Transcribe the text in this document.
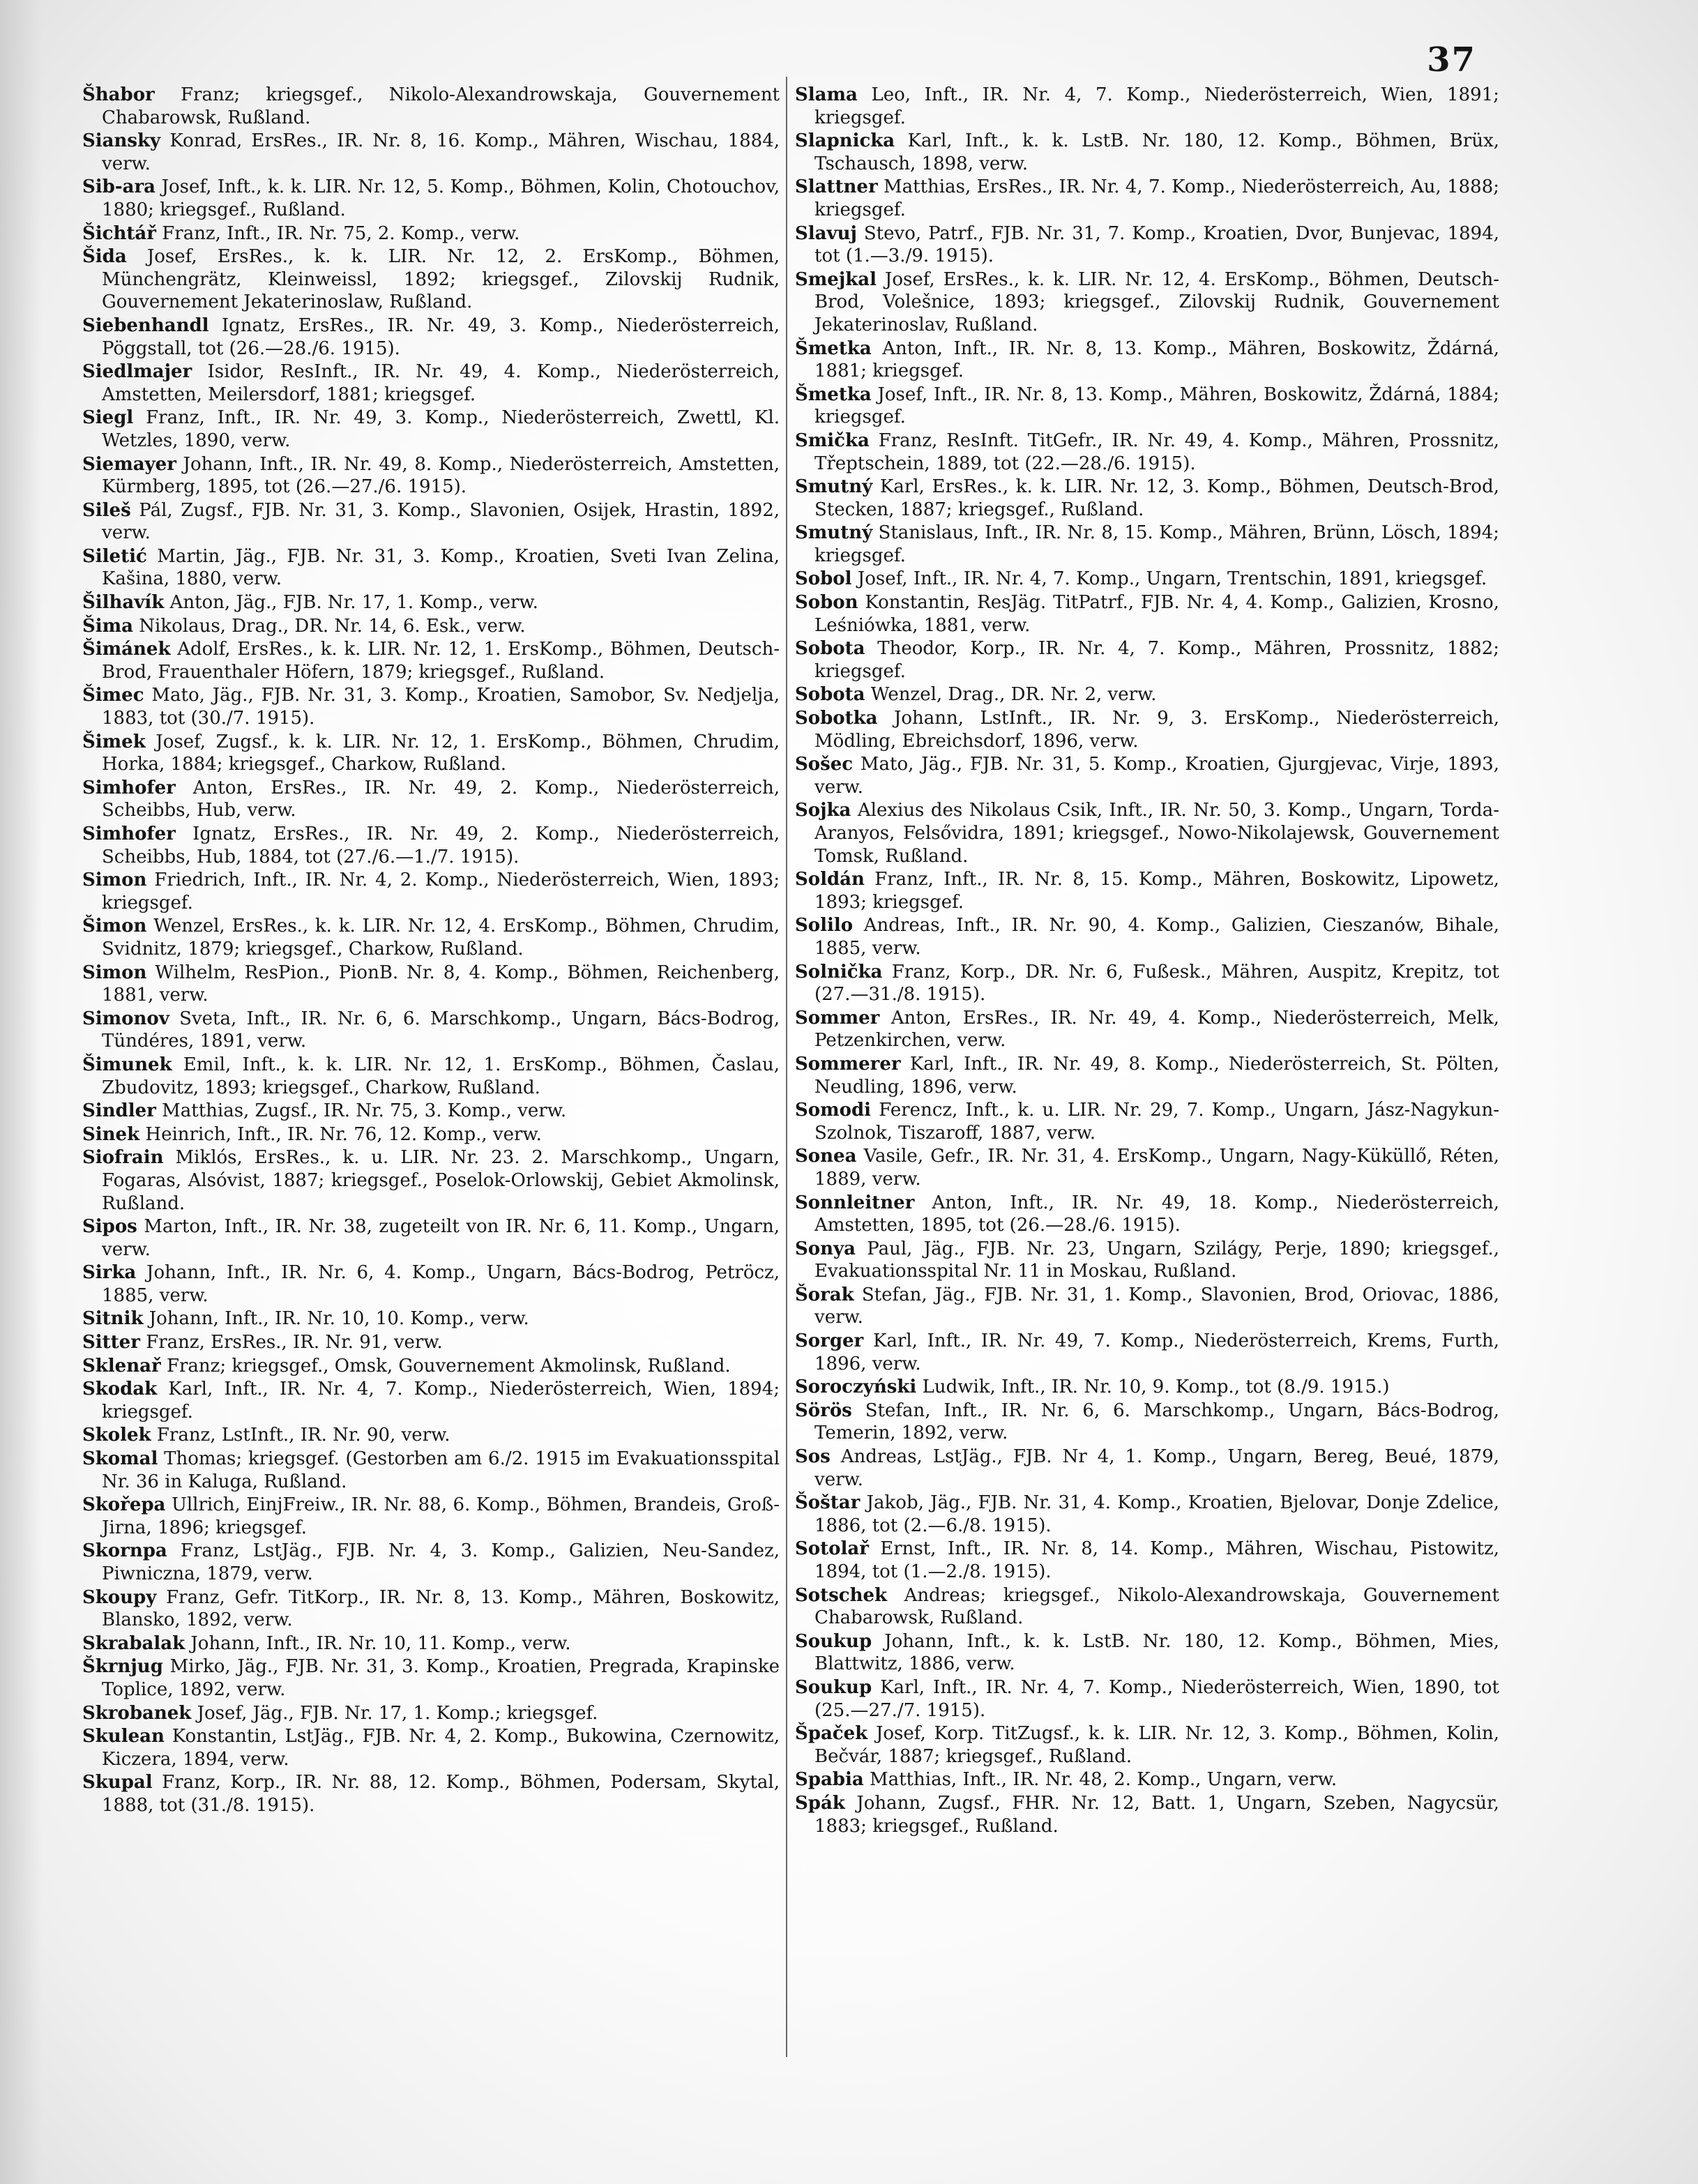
37

Šhabor Franz; kriegsgef., Nikolo-Alexandrowskaja, Gouvernement Chabarowsk, Rußland.

Siansky Konrad, ErsRes., IR. Nr. 8, 16. Komp., Mähren, Wischau, 1884, verw.

Sib-ara Josef, Inft., k. k. LIR. Nr. 12, 5. Komp., Böhmen, Kolin, Chotouchov, 1880; kriegsgef., Rußland.

Šichtář Franz, Inft., IR. Nr. 75, 2. Komp., verw.

Šida Josef, ErsRes., k. k. LIR. Nr. 12, 2. ErsKomp., Böhmen, Münchengrätz, Kleinweissl, 1892; kriegsgef., Zilovskij Rudnik, Gouvernement Jekaterinoslaw, Rußland.

Siebenhandl Ignatz, ErsRes., IR. Nr. 49, 3. Komp., Niederösterreich, Pöggstall, tot (26.—28./6. 1915).

Siedlmajer Isidor, ResInft., IR. Nr. 49, 4. Komp., Niederösterreich, Amstetten, Meilersdorf, 1881; kriegsgef.

Siegl Franz, Inft., IR. Nr. 49, 3. Komp., Niederösterreich, Zwettl, Kl. Wetzles, 1890, verw.

Siemayer Johann, Inft., IR. Nr. 49, 8. Komp., Niederösterreich, Amstetten, Kürmberg, 1895, tot (26.—27./6. 1915).

Sileš Pál, Zugsf., FJB. Nr. 31, 3. Komp., Slavonien, Osijek, Hrastin, 1892, verw.

Siletić Martin, Jäg., FJB. Nr. 31, 3. Komp., Kroatien, Sveti Ivan Zelina, Kašina, 1880, verw.

Šilhavík Anton, Jäg., FJB. Nr. 17, 1. Komp., verw.

Šima Nikolaus, Drag., DR. Nr. 14, 6. Esk., verw.

Šimánek Adolf, ErsRes., k. k. LIR. Nr. 12, 1. ErsKomp., Böhmen, Deutsch-Brod, Frauenthaler Höfern, 1879; kriegsgef., Rußland.

Šimec Mato, Jäg., FJB. Nr. 31, 3. Komp., Kroatien, Samobor, Sv. Nedjelja, 1883, tot (30./7. 1915).

Šimek Josef, Zugsf., k. k. LIR. Nr. 12, 1. ErsKomp., Böhmen, Chrudim, Horka, 1884; kriegsgef., Charkow, Rußland.

Simhofer Anton, ErsRes., IR. Nr. 49, 2. Komp., Niederösterreich, Scheibbs, Hub, verw.

Simhofer Ignatz, ErsRes., IR. Nr. 49, 2. Komp., Niederösterreich, Scheibbs, Hub, 1884, tot (27./6.—1./7. 1915).

Simon Friedrich, Inft., IR. Nr. 4, 2. Komp., Niederösterreich, Wien, 1893; kriegsgef.

Šimon Wenzel, ErsRes., k. k. LIR. Nr. 12, 4. ErsKomp., Böhmen, Chrudim, Svidnitz, 1879; kriegsgef., Charkow, Rußland.

Simon Wilhelm, ResPion., PionB. Nr. 8, 4. Komp., Böhmen, Reichenberg, 1881, verw.

Simonov Sveta, Inft., IR. Nr. 6, 6. Marschkomp., Ungarn, Bács-Bodrog, Tündéres, 1891, verw.

Šimunek Emil, Inft., k. k. LIR. Nr. 12, 1. ErsKomp., Böhmen, Časlau, Zbudovitz, 1893; kriegsgef., Charkow, Rußland.

Sindler Matthias, Zugsf., IR. Nr. 75, 3. Komp., verw.

Sinek Heinrich, Inft., IR. Nr. 76, 12. Komp., verw.

Siofrain Miklós, ErsRes., k. u. LIR. Nr. 23. 2. Marschkomp., Ungarn, Fogaras, Alsóvist, 1887; kriegsgef., Poselok-Orlowskij, Gebiet Akmolinsk, Rußland.

Sipos Marton, Inft., IR. Nr. 38, zugeteilt von IR. Nr. 6, 11. Komp., Ungarn, verw.

Sirka Johann, Inft., IR. Nr. 6, 4. Komp., Ungarn, Bács-Bodrog, Petröcz, 1885, verw.

Sitnik Johann, Inft., IR. Nr. 10, 10. Komp., verw.

Sitter Franz, ErsRes., IR. Nr. 91, verw.

Sklenař Franz; kriegsgef., Omsk, Gouvernement Akmolinsk, Rußland.

Skodak Karl, Inft., IR. Nr. 4, 7. Komp., Niederösterreich, Wien, 1894; kriegsgef.

Skolek Franz, LstInft., IR. Nr. 90, verw.

Skomal Thomas; kriegsgef. (Gestorben am 6./2. 1915 im Evakuationsspital Nr. 36 in Kaluga, Rußland.

Skořepa Ullrich, EinjFreiw., IR. Nr. 88, 6. Komp., Böhmen, Brandeis, Groß-Jirna, 1896; kriegsgef.

Skornpa Franz, LstJäg., FJB. Nr. 4, 3. Komp., Galizien, Neu-Sandez, Piwniczna, 1879, verw.

Skoupy Franz, Gefr. TitKorp., IR. Nr. 8, 13. Komp., Mähren, Boskowitz, Blansko, 1892, verw.

Skrabalak Johann, Inft., IR. Nr. 10, 11. Komp., verw.

Škrnjug Mirko, Jäg., FJB. Nr. 31, 3. Komp., Kroatien, Pregrada, Krapinske Toplice, 1892, verw.

Skrobanek Josef, Jäg., FJB. Nr. 17, 1. Komp.; kriegsgef.

Skulean Konstantin, LstJäg., FJB. Nr. 4, 2. Komp., Bukowina, Czernowitz, Kiczera, 1894, verw.

Skupal Franz, Korp., IR. Nr. 88, 12. Komp., Böhmen, Podersam, Skytal, 1888, tot (31./8. 1915).

Slama Leo, Inft., IR. Nr. 4, 7. Komp., Niederösterreich, Wien, 1891; kriegsgef.

Slapnicka Karl, Inft., k. k. LstB. Nr. 180, 12. Komp., Böhmen, Brüx, Tschausch, 1898, verw.

Slattner Matthias, ErsRes., IR. Nr. 4, 7. Komp., Niederösterreich, Au, 1888; kriegsgef.

Slavuj Stevo, Patrf., FJB. Nr. 31, 7. Komp., Kroatien, Dvor, Bunjevac, 1894, tot (1.—3./9. 1915).

Smejkal Josef, ErsRes., k. k. LIR. Nr. 12, 4. ErsKomp., Böhmen, Deutsch-Brod, Volešnice, 1893; kriegsgef., Zilovskij Rudnik, Gouvernement Jekaterinoslav, Rußland.

Šmetka Anton, Inft., IR. Nr. 8, 13. Komp., Mähren, Boskowitz, Ždárná, 1881; kriegsgef.

Šmetka Josef, Inft., IR. Nr. 8, 13. Komp., Mähren, Boskowitz, Ždárná, 1884; kriegsgef.

Smička Franz, ResInft. TitGefr., IR. Nr. 49, 4. Komp., Mähren, Prossnitz, Třeptschein, 1889, tot (22.—28./6. 1915).

Smutný Karl, ErsRes., k. k. LIR. Nr. 12, 3. Komp., Böhmen, Deutsch-Brod, Stecken, 1887; kriegsgef., Rußland.

Smutný Stanislaus, Inft., IR. Nr. 8, 15. Komp., Mähren, Brünn, Lösch, 1894; kriegsgef.

Sobol Josef, Inft., IR. Nr. 4, 7. Komp., Ungarn, Trentschin, 1891, kriegsgef.

Sobon Konstantin, ResJäg. TitPatrf., FJB. Nr. 4, 4. Komp., Galizien, Krosno, Leśniówka, 1881, verw.

Sobota Theodor, Korp., IR. Nr. 4, 7. Komp., Mähren, Prossnitz, 1882; kriegsgef.

Sobota Wenzel, Drag., DR. Nr. 2, verw.

Sobotka Johann, LstInft., IR. Nr. 9, 3. ErsKomp., Niederösterreich, Mödling, Ebreichsdorf, 1896, verw.

Sošec Mato, Jäg., FJB. Nr. 31, 5. Komp., Kroatien, Gjurgjevac, Virje, 1893, verw.

Sojka Alexius des Nikolaus Csik, Inft., IR. Nr. 50, 3. Komp., Ungarn, Torda-Aranyos, Felsővidra, 1891; kriegsgef., Nowo-Nikolajewsk, Gouvernement Tomsk, Rußland.

Soldán Franz, Inft., IR. Nr. 8, 15. Komp., Mähren, Boskowitz, Lipowetz, 1893; kriegsgef.

Solilo Andreas, Inft., IR. Nr. 90, 4. Komp., Galizien, Cieszanów, Bihale, 1885, verw.

Solnička Franz, Korp., DR. Nr. 6, Fußesk., Mähren, Auspitz, Krepitz, tot (27.—31./8. 1915).

Sommer Anton, ErsRes., IR. Nr. 49, 4. Komp., Niederösterreich, Melk, Petzenkirchen, verw.

Sommerer Karl, Inft., IR. Nr. 49, 8. Komp., Niederösterreich, St. Pölten, Neudling, 1896, verw.

Somodi Ferencz, Inft., k. u. LIR. Nr. 29, 7. Komp., Ungarn, Jász-Nagykun-Szolnok, Tiszaroff, 1887, verw.

Sonea Vasile, Gefr., IR. Nr. 31, 4. ErsKomp., Ungarn, Nagy-Küküllő, Réten, 1889, verw.

Sonnleitner Anton, Inft., IR. Nr. 49, 18. Komp., Niederösterreich, Amstetten, 1895, tot (26.—28./6. 1915).

Sonya Paul, Jäg., FJB. Nr. 23, Ungarn, Szilágy, Perje, 1890; kriegsgef., Evakuationsspital Nr. 11 in Moskau, Rußland.

Šorak Stefan, Jäg., FJB. Nr. 31, 1. Komp., Slavonien, Brod, Oriovac, 1886, verw.

Sorger Karl, Inft., IR. Nr. 49, 7. Komp., Niederösterreich, Krems, Furth, 1896, verw.

Soroczyński Ludwik, Inft., IR. Nr. 10, 9. Komp., tot (8./9. 1915.)

Sörös Stefan, Inft., IR. Nr. 6, 6. Marschkomp., Ungarn, Bács-Bodrog, Temerin, 1892, verw.

Sos Andreas, LstJäg., FJB. Nr 4, 1. Komp., Ungarn, Bereg, Beué, 1879, verw.

Šoštar Jakob, Jäg., FJB. Nr. 31, 4. Komp., Kroatien, Bjelovar, Donje Zdelice, 1886, tot (2.—6./8. 1915).

Sotolař Ernst, Inft., IR. Nr. 8, 14. Komp., Mähren, Wischau, Pistowitz, 1894, tot (1.—2./8. 1915).

Sotschek Andreas; kriegsgef., Nikolo-Alexandrowskaja, Gouvernement Chabarowsk, Rußland.

Soukup Johann, Inft., k. k. LstB. Nr. 180, 12. Komp., Böhmen, Mies, Blattwitz, 1886, verw.

Soukup Karl, Inft., IR. Nr. 4, 7. Komp., Niederösterreich, Wien, 1890, tot (25.—27./7. 1915).

Špaček Josef, Korp. TitZugsf., k. k. LIR. Nr. 12, 3. Komp., Böhmen, Kolin, Bečvár, 1887; kriegsgef., Rußland.

Spabia Matthias, Inft., IR. Nr. 48, 2. Komp., Ungarn, verw.

Spák Johann, Zugsf., FHR. Nr. 12, Batt. 1, Ungarn, Szeben, Nagycsür, 1883; kriegsgef., Rußland.
